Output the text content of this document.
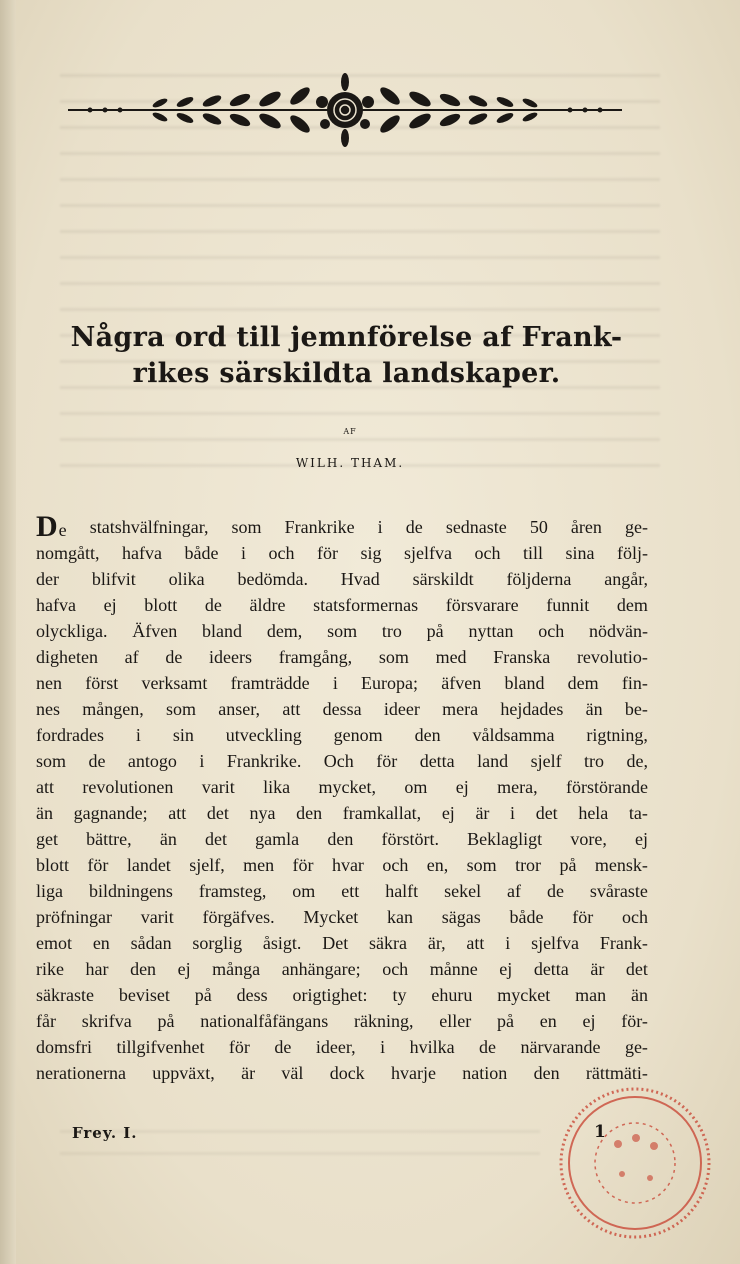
Några ord till jemnförelse af Frank-
rikes särskildta landskaper.
AF
WILH. THAM.
De statshvälfningar, som Frankrike i de sednaste 50 åren ge-
nomgått, hafva både i och för sig sjelfva och till sina följ-
der blifvit olika bedömda. Hvad särskildt följderna angår,
hafva ej blott de äldre statsformernas försvarare funnit dem
olyckliga. Äfven bland dem, som tro på nyttan och nödvän-
digheten af de ideers framgång, som med Franska revolutio-
nen först verksamt framträdde i Europa; äfven bland dem fin-
nes mången, som anser, att dessa ideer mera hejdades än be-
fordrades i sin utveckling genom den våldsamma rigtning,
som de antogo i Frankrike. Och för detta land sjelf tro de,
att revolutionen varit lika mycket, om ej mera, förstörande
än gagnande; att det nya den framkallat, ej är i det hela ta-
get bättre, än det gamla den förstört. Beklagligt vore, ej
blott för landet sjelf, men för hvar och en, som tror på mensk-
liga bildningens framsteg, om ett halft sekel af de svåraste
pröfningar varit förgäfves. Mycket kan sägas både för och
emot en sådan sorglig åsigt. Det säkra är, att i sjelfva Frank-
rike har den ej många anhängare; och månne ej detta är det
säkraste beviset på dess origtighet: ty ehuru mycket man än
får skrifva på nationalfåfängans räkning, eller på en ej för-
domsfri tillgifvenhet för de ideer, i hvilka de närvarande ge-
nerationerna uppväxt, är väl dock hvarje nation den rättmäti-
Frey. I.	1
